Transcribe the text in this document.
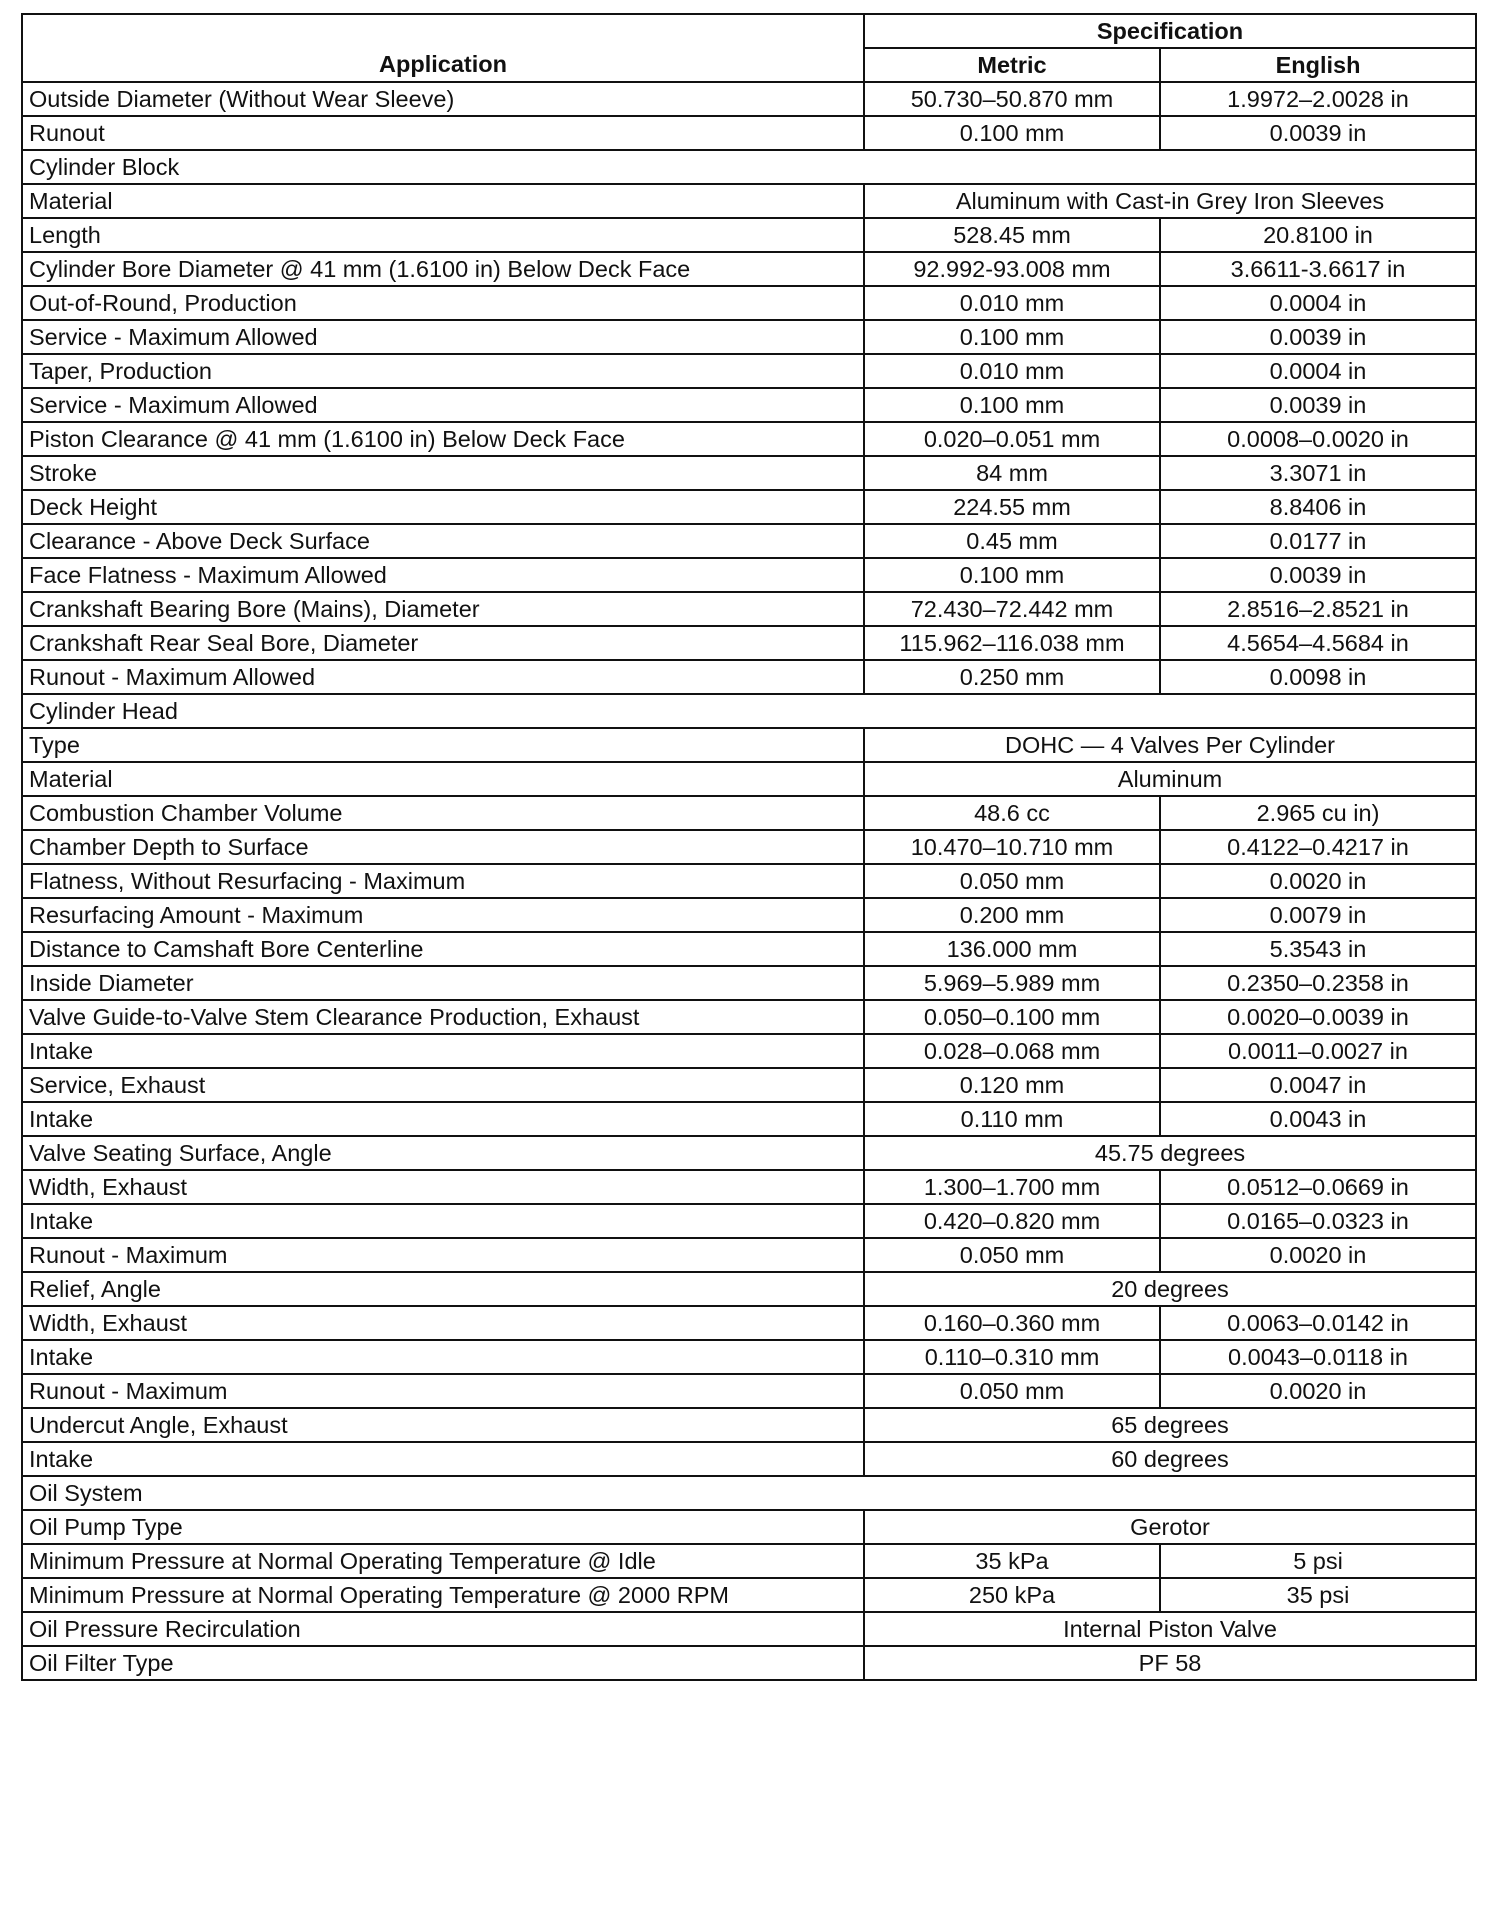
Application	Specification	
	Metric	English
Outside Diameter (Without Wear Sleeve)	50.730–50.870 mm	1.9972–2.0028 in
Runout	0.100 mm	0.0039 in
Cylinder Block		
Material	Aluminum with Cast-in Grey Iron Sleeves	
Length	528.45 mm	20.8100 in
Cylinder Bore Diameter @ 41 mm (1.6100 in) Below Deck Face	92.992-93.008 mm	3.6611-3.6617 in
Out-of-Round, Production	0.010 mm	0.0004 in
Service - Maximum Allowed	0.100 mm	0.0039 in
Taper, Production	0.010 mm	0.0004 in
Service - Maximum Allowed	0.100 mm	0.0039 in
Piston Clearance @ 41 mm (1.6100 in) Below Deck Face	0.020–0.051 mm	0.0008–0.0020 in
Stroke	84 mm	3.3071 in
Deck Height	224.55 mm	8.8406 in
Clearance - Above Deck Surface	0.45 mm	0.0177 in
Face Flatness - Maximum Allowed	0.100 mm	0.0039 in
Crankshaft Bearing Bore (Mains), Diameter	72.430–72.442 mm	2.8516–2.8521 in
Crankshaft Rear Seal Bore, Diameter	115.962–116.038 mm	4.5654–4.5684 in
Runout - Maximum Allowed	0.250 mm	0.0098 in
Cylinder Head		
Type	DOHC — 4 Valves Per Cylinder	
Material	Aluminum	
Combustion Chamber Volume	48.6 cc	2.965 cu in)
Chamber Depth to Surface	10.470–10.710 mm	0.4122–0.4217 in
Flatness, Without Resurfacing - Maximum	0.050 mm	0.0020 in
Resurfacing Amount - Maximum	0.200 mm	0.0079 in
Distance to Camshaft Bore Centerline	136.000 mm	5.3543 in
Inside Diameter	5.969–5.989 mm	0.2350–0.2358 in
Valve Guide-to-Valve Stem Clearance Production, Exhaust	0.050–0.100 mm	0.0020–0.0039 in
Intake	0.028–0.068 mm	0.0011–0.0027 in
Service, Exhaust	0.120 mm	0.0047 in
Intake	0.110 mm	0.0043 in
Valve Seating Surface, Angle	45.75 degrees	
Width, Exhaust	1.300–1.700 mm	0.0512–0.0669 in
Intake	0.420–0.820 mm	0.0165–0.0323 in
Runout - Maximum	0.050 mm	0.0020 in
Relief, Angle	20 degrees	
Width, Exhaust	0.160–0.360 mm	0.0063–0.0142 in
Intake	0.110–0.310 mm	0.0043–0.0118 in
Runout - Maximum	0.050 mm	0.0020 in
Undercut Angle, Exhaust	65 degrees	
Intake	60 degrees	
Oil System		
Oil Pump Type	Gerotor	
Minimum Pressure at Normal Operating Temperature @ Idle	35 kPa	5 psi
Minimum Pressure at Normal Operating Temperature @ 2000 RPM	250 kPa	35 psi
Oil Pressure Recirculation	Internal Piston Valve	
Oil Filter Type	PF 58	
